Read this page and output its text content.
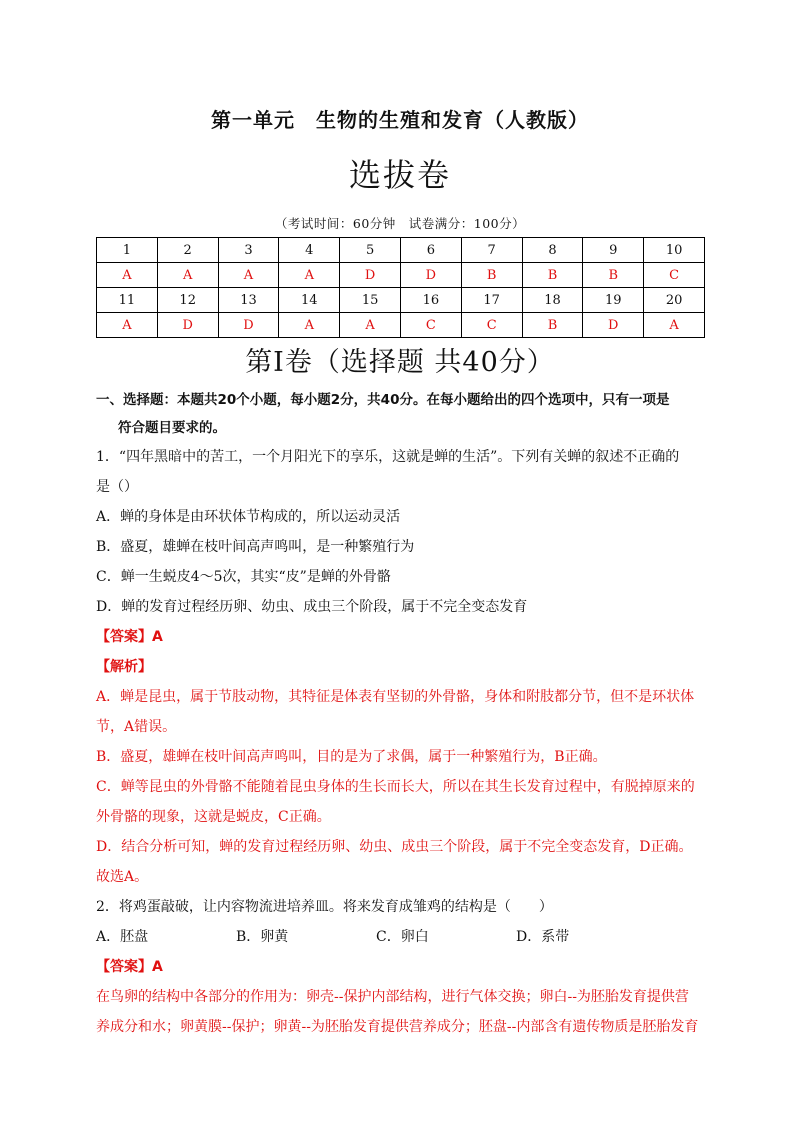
第一单元　生物的生殖和发育（人教版）
选拔卷
（考试时间：60分钟　试卷满分：100分）
1	2	3	4	5	6	7	8	9	10
A	A	A	A	D	D	B	B	B	C
11	12	13	14	15	16	17	18	19	20
A	D	D	A	A	C	C	B	D	A
第Ⅰ卷（选择题 共40分）

一、选择题：本题共20个小题，每小题2分，共40分。在每小题给出的四个选项中，只有一项是

符合题目要求的。

1．“四年黑暗中的苦工，一个月阳光下的享乐，这就是蝉的生活”。下列有关蝉的叙述不正确的

是（）

A．蝉的身体是由环状体节构成的，所以运动灵活

B．盛夏，雄蝉在枝叶间高声鸣叫，是一种繁殖行为

C．蝉一生蜕皮4～5次，其实“皮”是蝉的外骨骼

D．蝉的发育过程经历卵、幼虫、成虫三个阶段，属于不完全变态发育

【答案】A

【解析】

A．蝉是昆虫，属于节肢动物，其特征是体表有坚韧的外骨骼，身体和附肢都分节，但不是环状体

节，A错误。

B．盛夏，雄蝉在枝叶间高声鸣叫，目的是为了求偶，属于一种繁殖行为，B正确。

C．蝉等昆虫的外骨骼不能随着昆虫身体的生长而长大，所以在其生长发育过程中，有脱掉原来的

外骨骼的现象，这就是蜕皮，C正确。

D．结合分析可知，蝉的发育过程经历卵、幼虫、成虫三个阶段，属于不完全变态发育，D正确。

故选A。

2．将鸡蛋敲破，让内容物流进培养皿。将来发育成雏鸡的结构是（　　）

A．胚盘	B．卵黄	C．卵白	D．系带

【答案】A

在鸟卵的结构中各部分的作用为：卵壳--保护内部结构，进行气体交换；卵白--为胚胎发育提供营

养成分和水；卵黄膜--保护；卵黄--为胚胎发育提供营养成分；胚盘--内部含有遗传物质是胚胎发育
